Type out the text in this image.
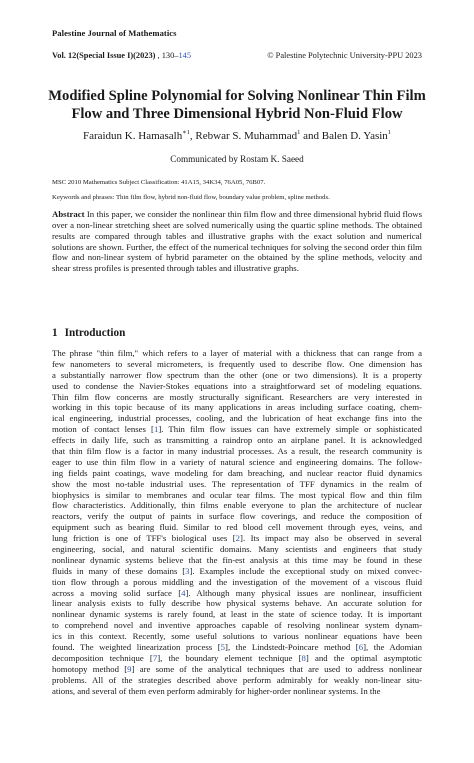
Palestine Journal of Mathematics
Vol. 12(Special Issue I)(2023) , 130–145	© Palestine Polytechnic University-PPU 2023
Modified Spline Polynomial for Solving Nonlinear Thin Film Flow and Three Dimensional Hybrid Non-Fluid Flow
Faraidun K. Hamasalh$^{∗1}$, Rebwar S. Muhammad$^1$ and Balen D. Yasin$^1$
Communicated by Rostam K. Saeed
MSC 2010 Mathematics Subject Classification: 41A15, 34K34, 76A05, 76B07.
Keywords and phrases: Thin film flow, hybrid non-fluid flow, boundary value problem, spline methods.
Abstract In this paper, we consider the nonlinear thin film flow and three dimensional hybrid fluid flows over a non-linear stretching sheet are solved numerically using the quartic spline methods. The obtained results are compared through tables and illustrative graphs with the exact solution and numerical solutions are shown. Further, the effect of the numerical techniques for solving the second order thin film flow and non-linear system of hybrid parameter on the obtained by the spline methods, velocity and shear stress profiles is presented through tables and illustrative graphs.
1 Introduction
The phrase "thin film," which refers to a layer of material with a thickness that can range from a
few nanometers to several micrometers, is frequently used to describe flow. One dimension has
a substantially narrower flow spectrum than the other (one or two dimensions). It is a property
used to condense the Navier-Stokes equations into a straightforward set of modeling equations.
Thin film flow concerns are mostly structurally significant. Researchers are very interested in
working in this topic because of its many applications in areas including surface coating, chem-
ical engineering, industrial processes, cooling, and the lubrication of heat exchange fins into the
motion of contact lenses [1]. Thin film flow issues can have extremely simple or sophisticated
effects in daily life, such as transmitting a raindrop onto an airplane panel. It is acknowledged
that thin film flow is a factor in many industrial processes. As a result, the research community is
eager to use thin film flow in a variety of natural science and engineering domains. The follow-
ing fields paint coatings, wave modeling for dam breaching, and nuclear reactor fluid dynamics
show the most no-table industrial uses. The representation of TFF dynamics in the realm of
biophysics is similar to membranes and ocular tear films. The most typical flow and thin film
flow characteristics. Additionally, thin films enable everyone to plan the architecture of nuclear
reactors, verify the output of paints in surface flow coverings, and reduce the composition of
equipment such as bearing fluid. Similar to red blood cell movement through eyes, veins, and
lung friction is one of TFF's biological uses [2]. Its impact may also be observed in several
engineering, social, and natural scientific domains. Many scientists and engineers that study
nonlinear dynamic systems believe that the fin-est analysis at this time may be found in these
fluids in many of these domains [3]. Examples include the exceptional study on mixed convec-
tion flow through a porous middling and the investigation of the movement of a viscous fluid
across a moving solid surface [4]. Although many physical issues are nonlinear, insufficient
linear analysis exists to fully describe how physical systems behave. An accurate solution for
nonlinear dynamic systems is rarely found, at least in the state of science today. It is important
to comprehend novel and inventive approaches capable of resolving nonlinear system dynam-
ics in this context. Recently, some useful solutions to various nonlinear equations have been
found. The weighted linearization process [5], the Lindstedt-Poincare method [6], the Adomian
decomposition technique [7], the boundary element technique [8] and the optimal asymptotic
homotopy method [9] are some of the analytical techniques that are used to address nonlinear
problems. All of the strategies described above perform admirably for weakly non-linear situ-
ations, and several of them even perform admirably for higher-order nonlinear systems. In the
